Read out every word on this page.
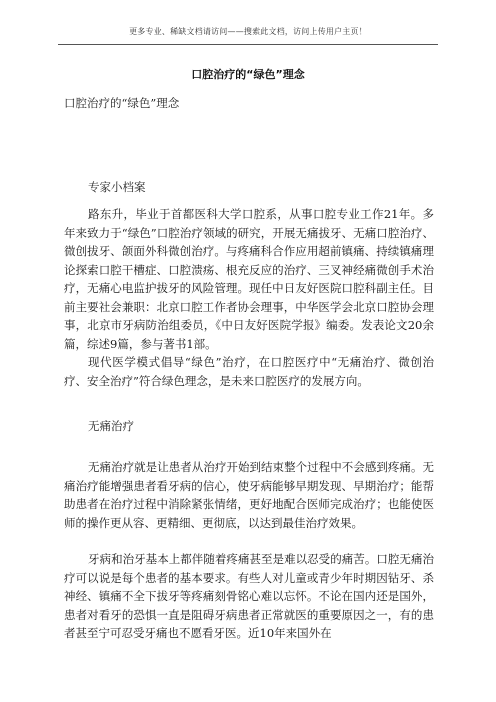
更多专业、稀缺文档请访问——搜索此文档，访问上传用户主页！
口腔治疗的“绿色”理念
口腔治疗的“绿色”理念
专家小档案

路东升，毕业于首都医科大学口腔系，从事口腔专业工作21年。多年来致力于“绿色”口腔治疗领域的研究，开展无痛拔牙、无痛口腔治疗、微创拔牙、颌面外科微创治疗。与疼痛科合作应用超前镇痛、持续镇痛理论探索口腔干槽症、口腔溃疡、根充反应的治疗、三叉神经痛微创手术治疗，无痛心电监护拔牙的风险管理。现任中日友好医院口腔科副主任。目前主要社会兼职：北京口腔工作者协会理事，中华医学会北京口腔协会理事，北京市牙病防治组委员，《中日友好医院学报》编委。发表论文20余篇，综述9篇，参与著书1部。

现代医学模式倡导“绿色”治疗，在口腔医疗中“无痛治疗、微创治疗、安全治疗”符合绿色理念，是未来口腔医疗的发展方向。

无痛治疗

无痛治疗就是让患者从治疗开始到结束整个过程中不会感到疼痛。无痛治疗能增强患者看牙病的信心，使牙病能够早期发现、早期治疗；能帮助患者在治疗过程中消除紧张情绪，更好地配合医师完成治疗；也能使医师的操作更从容、更精细、更彻底，以达到最佳治疗效果。

牙病和治牙基本上都伴随着疼痛甚至是难以忍受的痛苦。口腔无痛治疗可以说是每个患者的基本要求。有些人对儿童或青少年时期因钻牙、杀神经、镇痛不全下拔牙等疼痛刻骨铭心难以忘怀。不论在国内还是国外，患者对看牙的恐惧一直是阻碍牙病患者正常就医的重要原因之一，有的患者甚至宁可忍受牙痛也不愿看牙医。近10年来国外在
